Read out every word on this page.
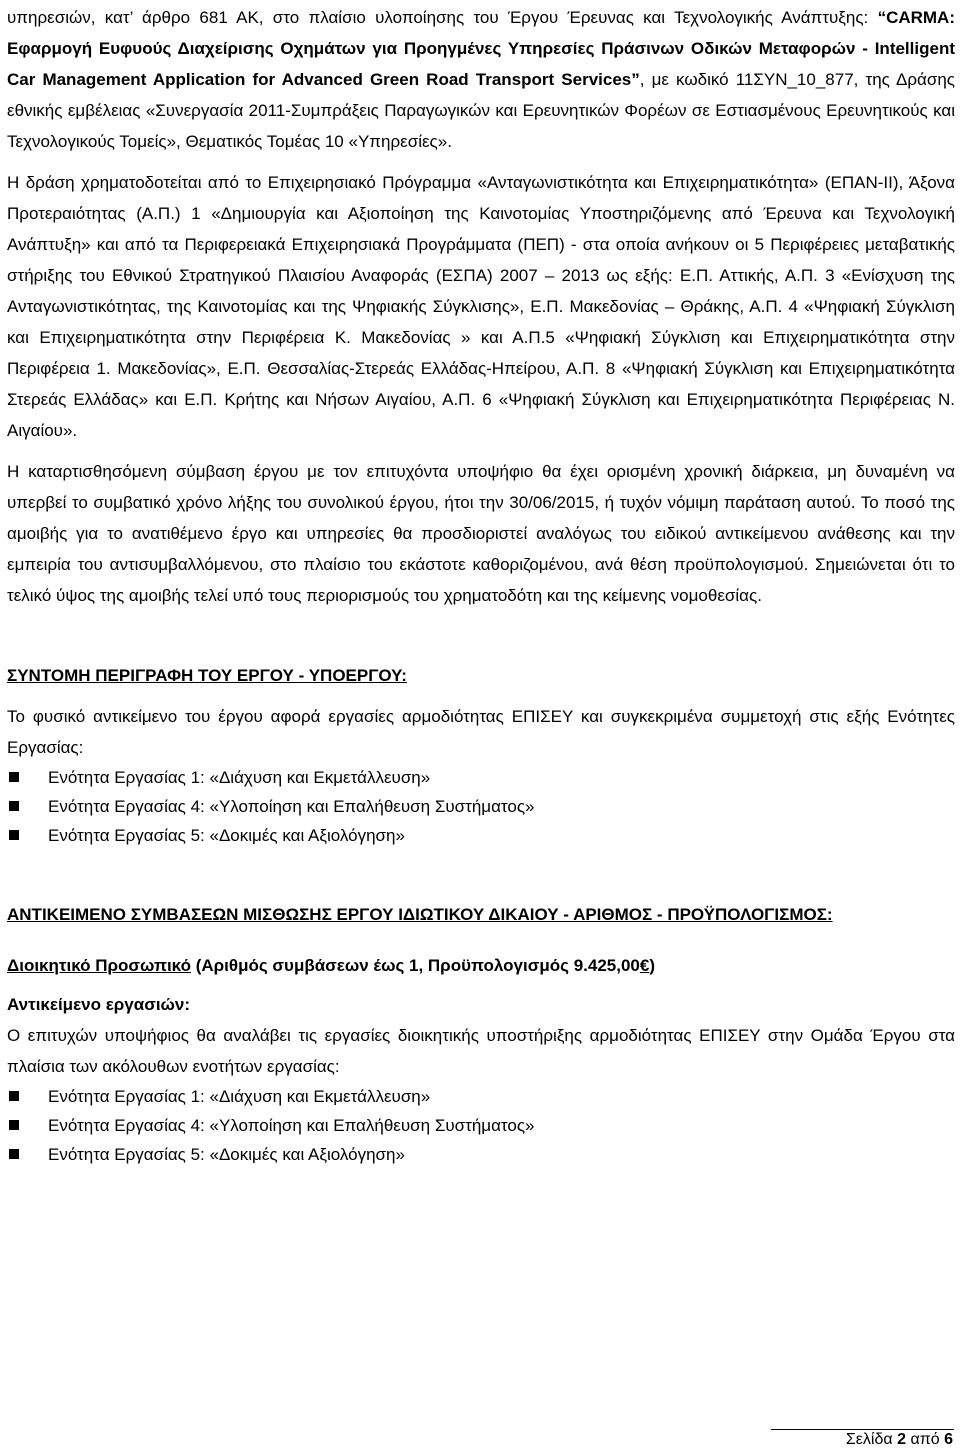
υπηρεσιών, κατ’ άρθρο 681 ΑΚ, στο πλαίσιο υλοποίησης του Έργου Έρευνας και Τεχνολογικής Ανάπτυξης: “CARMA: Εφαρμογή Ευφυούς Διαχείρισης Οχημάτων για Προηγμένες Υπηρεσίες Πράσινων Οδικών Μεταφορών - Intelligent Car Management Application for Advanced Green Road Transport Services”, με κωδικό 11ΣΥΝ_10_877, της Δράσης εθνικής εμβέλειας «Συνεργασία 2011-Συμπράξεις Παραγωγικών και Ερευνητικών Φορέων σε Εστιασμένους Ερευνητικούς και Τεχνολογικούς Τομείς», Θεματικός Τομέας 10 «Υπηρεσίες».

Η δράση χρηματοδοτείται από το Επιχειρησιακό Πρόγραμμα «Ανταγωνιστικότητα και Επιχειρηματικότητα» (ΕΠΑΝ-ΙΙ), Άξονα Προτεραιότητας (Α.Π.) 1 «Δημιουργία και Αξιοποίηση της Καινοτομίας Υποστηριζόμενης από Έρευνα και Τεχνολογική Ανάπτυξη» και από τα Περιφερειακά Επιχειρησιακά Προγράμματα (ΠΕΠ) - στα οποία ανήκουν οι 5 Περιφέρειες μεταβατικής στήριξης του Εθνικού Στρατηγικού Πλαισίου Αναφοράς (ΕΣΠΑ) 2007 – 2013 ως εξής: Ε.Π. Αττικής, Α.Π. 3 «Ενίσχυση της Ανταγωνιστικότητας, της Καινοτομίας και της Ψηφιακής Σύγκλισης», Ε.Π. Μακεδονίας – Θράκης, Α.Π. 4 «Ψηφιακή Σύγκλιση και Επιχειρηματικότητα στην Περιφέρεια Κ. Μακεδονίας » και Α.Π.5 «Ψηφιακή Σύγκλιση και Επιχειρηματικότητα στην Περιφέρεια 1. Μακεδονίας», Ε.Π. Θεσσαλίας-Στερεάς Ελλάδας-Ηπείρου, Α.Π. 8 «Ψηφιακή Σύγκλιση και Επιχειρηματικότητα Στερεάς Ελλάδας» και Ε.Π. Κρήτης και Νήσων Αιγαίου, Α.Π. 6 «Ψηφιακή Σύγκλιση και Επιχειρηματικότητα Περιφέρειας Ν. Αιγαίου».

Η καταρτισθησόμενη σύμβαση έργου με τον επιτυχόντα υποψήφιο θα έχει ορισμένη χρονική διάρκεια, μη δυναμένη να υπερβεί το συμβατικό χρόνο λήξης του συνολικού έργου, ήτοι την 30/06/2015, ή τυχόν νόμιμη παράταση αυτού. Το ποσό της αμοιβής για το ανατιθέμενο έργο και υπηρεσίες θα προσδιοριστεί αναλόγως του ειδικού αντικείμενου ανάθεσης και την εμπειρία του αντισυμβαλλόμενου, στο πλαίσιο του εκάστοτε καθοριζομένου, ανά θέση προϋπολογισμού. Σημειώνεται ότι το τελικό ύψος της αμοιβής τελεί υπό τους περιορισμούς του χρηματοδότη και της κείμενης νομοθεσίας.

ΣΥΝΤΟΜΗ ΠΕΡΙΓΡΑΦΗ ΤΟΥ ΕΡΓΟΥ - ΥΠΟΕΡΓΟΥ:

Το φυσικό αντικείμενο του έργου αφορά εργασίες αρμοδιότητας ΕΠΙΣΕΥ και συγκεκριμένα συμμετοχή στις εξής Ενότητες Εργασίας:

Ενότητα Εργασίας 1: «Διάχυση και Εκμετάλλευση»
Ενότητα Εργασίας 4: «Υλοποίηση και Επαλήθευση Συστήματος»
Ενότητα Εργασίας 5: «Δοκιμές και Αξιολόγηση»

ΑΝΤΙΚΕΙΜΕΝΟ ΣΥΜΒΑΣΕΩΝ ΜΙΣΘΩΣΗΣ ΕΡΓΟΥ ΙΔΙΩΤΙΚΟΥ ΔΙΚΑΙΟΥ - ΑΡΙΘΜΟΣ - ΠΡΟΫΠΟΛΟΓΙΣΜΟΣ:

Διοικητικό Προσωπικό (Αριθμός συμβάσεων έως 1, Προϋπολογισμός 9.425,00€)

Αντικείμενο εργασιών:

Ο επιτυχών υποψήφιος θα αναλάβει τις εργασίες διοικητικής υποστήριξης αρμοδιότητας ΕΠΙΣΕΥ στην Ομάδα Έργου στα πλαίσια των ακόλουθων ενοτήτων εργασίας:

Ενότητα Εργασίας 1: «Διάχυση και Εκμετάλλευση»
Ενότητα Εργασίας 4: «Υλοποίηση και Επαλήθευση Συστήματος»
Ενότητα Εργασίας 5: «Δοκιμές και Αξιολόγηση»
Σελίδα 2 από 6
